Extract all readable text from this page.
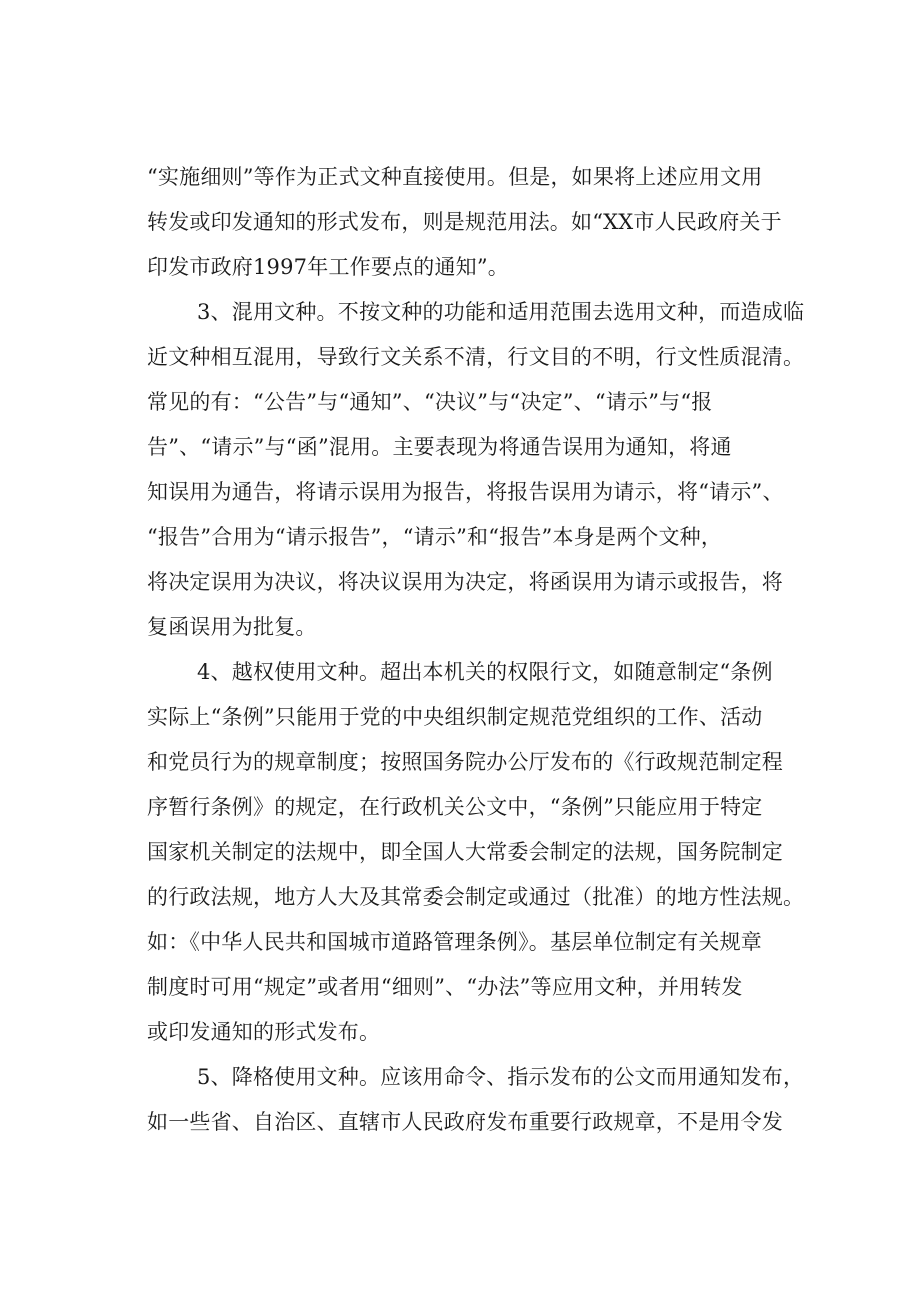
“实施细则”等作为正式文种直接使用。但是，如果将上述应用文用
转发或印发通知的形式发布，则是规范用法。如“XX市人民政府关于
印发市政府1997年工作要点的通知”。
3、混用文种。不按文种的功能和适用范围去选用文种，而造成临
近文种相互混用，导致行文关系不清，行文目的不明，行文性质混清。
常见的有：“公告”与“通知”、“决议”与“决定”、“请示”与“报
告”、“请示”与“函”混用。主要表现为将通告误用为通知，将通
知误用为通告，将请示误用为报告，将报告误用为请示，将“请示”、
“报告”合用为“请示报告”，“请示”和“报告”本身是两个文种，
将决定误用为决议，将决议误用为决定，将函误用为请示或报告，将
复函误用为批复。
4、越权使用文种。超出本机关的权限行文，如随意制定“条例
实际上“条例”只能用于党的中央组织制定规范党组织的工作、活动
和党员行为的规章制度；按照国务院办公厅发布的《行政规范制定程
序暂行条例》的规定，在行政机关公文中，“条例”只能应用于特定
国家机关制定的法规中，即全国人大常委会制定的法规，国务院制定
的行政法规，地方人大及其常委会制定或通过（批准）的地方性法规。
如：《中华人民共和国城市道路管理条例》。基层单位制定有关规章
制度时可用“规定”或者用“细则”、“办法”等应用文种，并用转发
或印发通知的形式发布。
5、降格使用文种。应该用命令、指示发布的公文而用通知发布，
如一些省、自治区、直辖市人民政府发布重要行政规章，不是用令发
